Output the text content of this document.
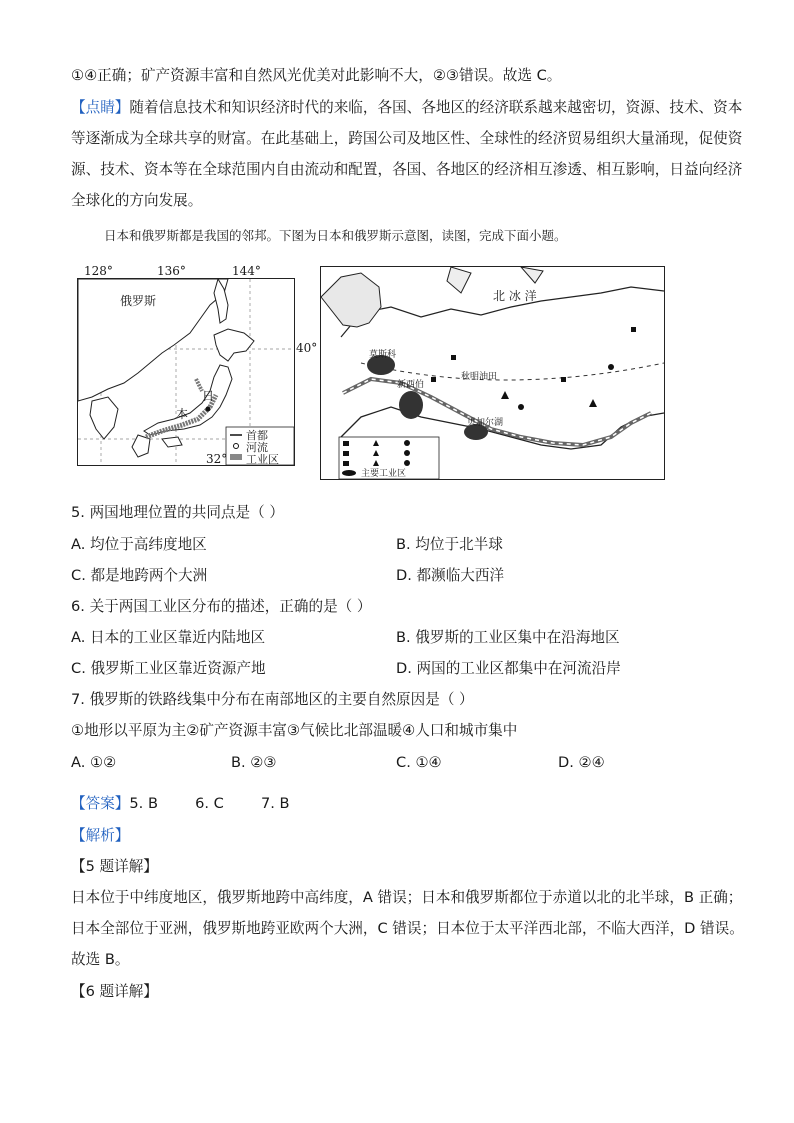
①④正确；矿产资源丰富和自然风光优美对此影响不大，②③错误。故选 C。
【点睛】随着信息技术和知识经济时代的来临，各国、各地区的经济联系越来越密切，资源、技术、资本
等逐渐成为全球共享的财富。在此基础上，跨国公司及地区性、全球性的经济贸易组织大量涌现，促使资
源、技术、资本等在全球范围内自由流动和配置，各国、各地区的经济相互渗透、相互影响，日益向经济
全球化的方向发展。
日本和俄罗斯都是我国的邻邦。下图为日本和俄罗斯示意图，读图，完成下面小题。
128°	136°	144°
40°
俄罗斯
日
本
首都
河流
工业区
32°
北 冰 洋
莫斯科
秋明油田
新西伯
贝加尔湖
主要工业区
5. 两国地理位置的共同点是（ ）
A. 均位于高纬度地区	B. 均位于北半球
C. 都是地跨两个大洲	D. 都濒临大西洋
6. 关于两国工业区分布的描述，正确的是（ ）
A. 日本的工业区靠近内陆地区	B. 俄罗斯的工业区集中在沿海地区
C. 俄罗斯工业区靠近资源产地	D. 两国的工业区都集中在河流沿岸
7. 俄罗斯的铁路线集中分布在南部地区的主要自然原因是（ ）
①地形以平原为主②矿产资源丰富③气候比北部温暖④人口和城市集中
A. ①②	B. ②③	C. ①④	D. ②④
【答案】5. B        6. C        7. B
【解析】
【5 题详解】
日本位于中纬度地区，俄罗斯地跨中高纬度，A 错误；日本和俄罗斯都位于赤道以北的北半球，B 正确；
日本全部位于亚洲，俄罗斯地跨亚欧两个大洲，C 错误；日本位于太平洋西北部，不临大西洋，D 错误。
故选 B。
【6 题详解】
